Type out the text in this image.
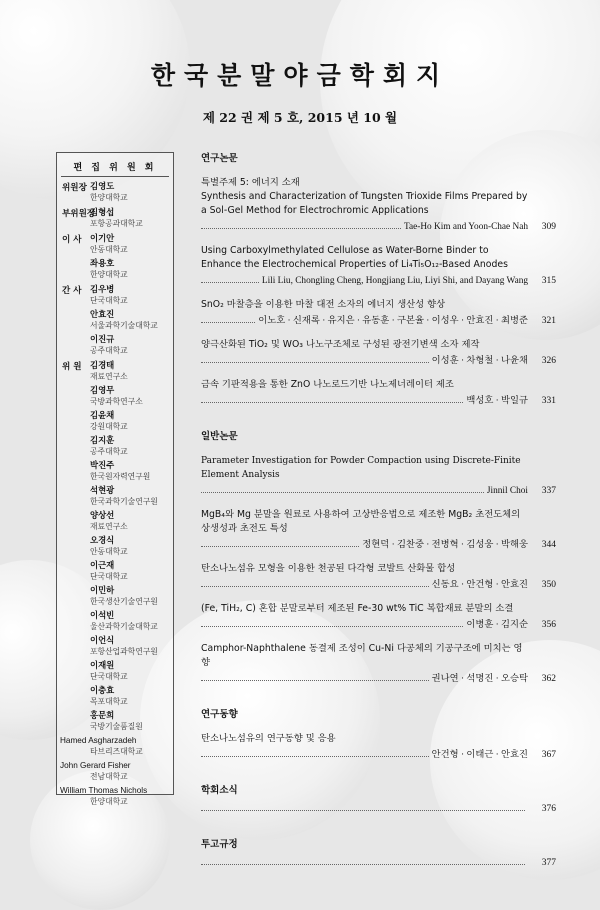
한국분말야금학회지
제 22 권 제 5 호, 2015 년 10 월
편 집 위 원 회
위원장 김영도
한양대학교
부위원장
김형섭
포항공과대학교
이 사 이기안
안동대학교
좌용호
한양대학교
간 사 김우병
단국대학교
안효진
서울과학기술대학교
이진규
공주대학교
위 원 김경태
재료연구소
김영무
국방과학연구소
김윤채
강원대학교
김지훈
공주대학교
박진주
한국원자력연구원
석현광
한국과학기술연구원
양상선
재료연구소
오경식
안동대학교
이근재
단국대학교
이민하
한국생산기술연구원
이석빈
울산과학기술대학교
이언식
포항산업과학연구원
이재원
단국대학교
이충효
목포대학교
홍문희
국방기술품질원
Hamed Asgharzadeh
타브리즈대학교
John Gerard Fisher
전남대학교
William Thomas Nichols
한양대학교
연구논문
특별주제 5: 에너지 소재
Synthesis and Characterization of Tungsten Trioxide Films Prepared by a Sol-Gel Method for Electrochromic Applications
Tae-Ho Kim and Yoon-Chae Nah 309
Using Carboxylmethylated Cellulose as Water-Borne Binder to Enhance the Electrochemical Properties of Li₄Ti₅O₁₂-Based Anodes
Lili Liu, Chongling Cheng, Hongjiang Liu, Liyi Shi, and Dayang Wang 315
SnO₂ 마찰층을 이용한 마찰 대전 소자의 에너지 생산성 향상
이노호 · 신재록 · 유지은 · 유동훈 · 구본율 · 이성우 · 안효진 · 최병준 321
양극산화된 TiO₂ 및 WO₃ 나노구조체로 구성된 광전기변색 소자 제작
이성훈 · 차형철 · 나윤채 326
금속 기판적용을 통한 ZnO 나노로드기반 나노제너레이터 제조
백성호 · 박일규 331
일반논문
Parameter Investigation for Powder Compaction using Discrete-Finite Element Analysis
Jinnil Choi 337
MgB₄와 Mg 분말을 원료로 사용하여 고상반응법으로 제조한 MgB₂ 초전도체의 상생성과 초전도 특성
정현덕 · 김찬중 · 전병혁 · 김성웅 · 박해웅 344
탄소나노섬유 모형을 이용한 천공된 다각형 코발트 산화물 합성
신동요 · 안건형 · 안효진 350
(Fe, TiH₂, C) 혼합 분말로부터 제조된 Fe-30 wt% TiC 복합재료 분말의 소결
이병훈 · 김지순 356
Camphor-Naphthalene 동결제 조성이 Cu-Ni 다공체의 기공구조에 미치는 영향
권나연 · 석명진 · 오승탁 362
연구동향
탄소나노섬유의 연구동향 및 응용
안건형 · 이태근 · 안효진 367
학회소식
376
투고규정
377
